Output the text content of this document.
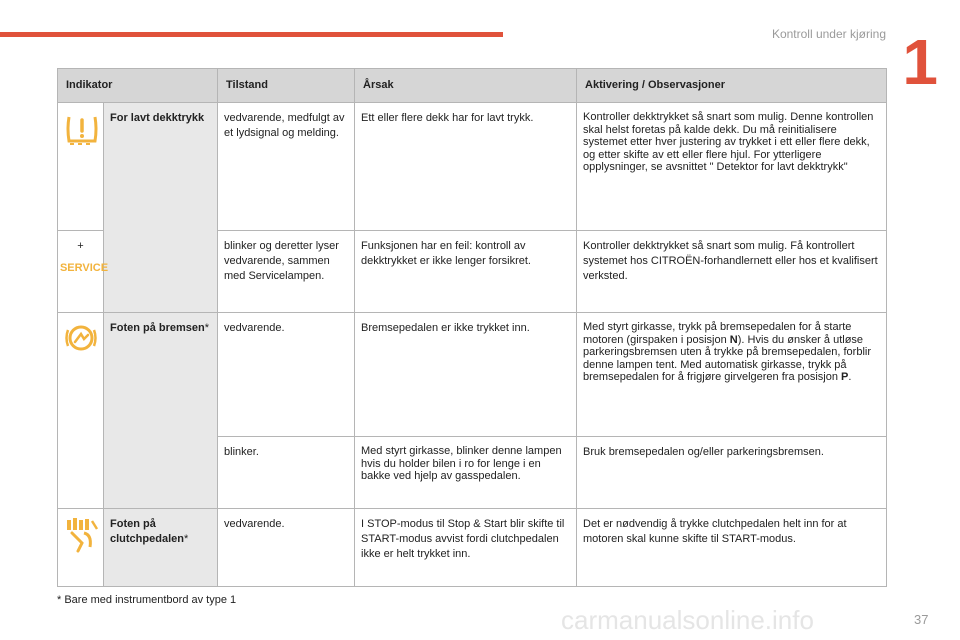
Kontroll under kjøring 1
Indikator		Tilstand	Årsak	Aktivering / Observasjoner

	For lavt dekktrykk	vedvarende, medfulgt av et lydsignal og melding.	Ett eller flere dekk har for lavt trykk.	Kontroller dekktrykket så snart som mulig. Denne kontrollen skal helst foretas på kalde dekk. Du må reinitialisere systemet etter hver justering av trykket i ett eller flere dekk, og etter skifte av ett eller flere hjul. For ytterligere opplysninger, se avsnittet " Detektor for lavt dekktrykk"

+
SERVICE		blinker og deretter lyser vedvarende, sammen med Servicelampen.	Funksjonen har en feil: kontroll av dekktrykket er ikke lenger forsikret.	Kontroller dekktrykket så snart som mulig. Få kontrollert systemet hos CITROËN-forhandlernett eller hos et kvalifisert verksted.

	Foten på bremsen*	vedvarende.	Bremsepedalen er ikke trykket inn.	Med styrt girkasse, trykk på bremsepedalen for å starte motoren (girspaken i posisjon N). Hvis du ønsker å utløse parkeringsbremsen uten å trykke på bremsepedalen, forblir denne lampen tent. Med automatisk girkasse, trykk på bremsepedalen for å frigjøre girvelgeren fra posisjon P.
		blinker.	Med styrt girkasse, blinker denne lampen hvis du holder bilen i ro for lenge i en bakke ved hjelp av gasspedalen.	Bruk bremsepedalen og/eller parkeringsbremsen.

	Foten på clutchpedalen*	vedvarende.	I STOP-modus til Stop & Start blir skifte til START-modus avvist fordi clutchpedalen ikke er helt trykket inn.	Det er nødvendig å trykke clutchpedalen helt inn for at motoren skal kunne skifte til START-modus.
* Bare med instrumentbord av type 1
carmanualsonline.info	37
